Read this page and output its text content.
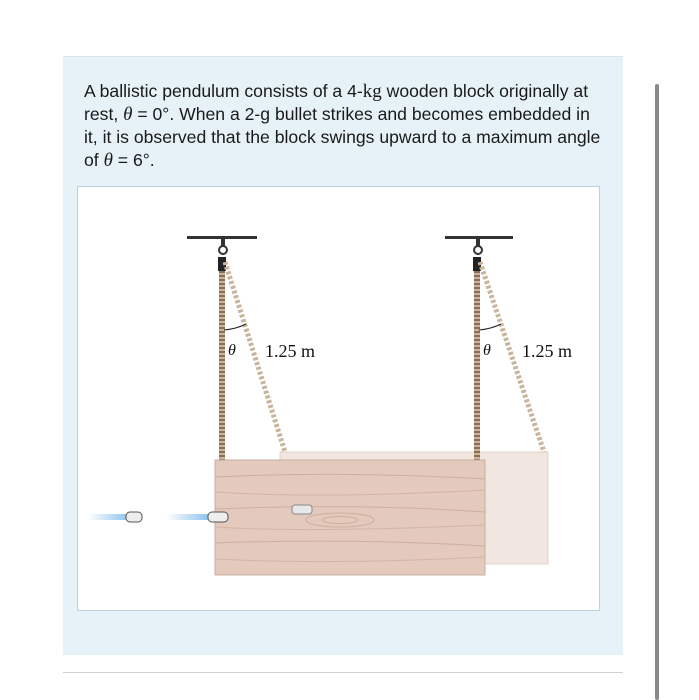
A ballistic pendulum consists of a 4-kg wooden block originally at rest, θ = 0°. When a 2-g bullet strikes and becomes embedded in it, it is observed that the block swings upward to a maximum angle of θ = 6°.
θ 1.25 m	θ 1.25 m
